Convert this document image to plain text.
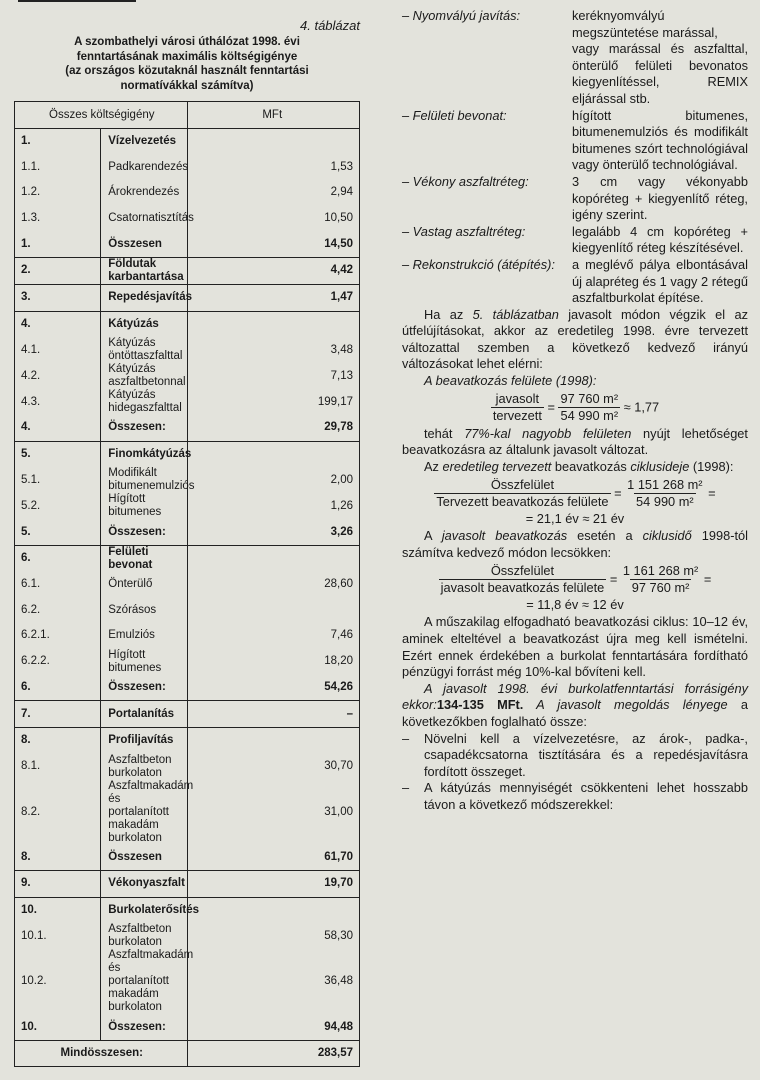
4. táblázat
A szombathelyi városi úthálózat 1998. évi
fenntartásának maximális költségigénye
(az országos közutaknál használt fenntartási
normatívákkal számítva)
Összes költségigény		MFt
1.	Vízelvezetés	
1.1.	Padkarendezés	1,53
1.2.	Árokrendezés	2,94
1.3.	Csatornatisztítás	10,50
1.	Összesen	14,50
2.	Földutak karbantartása	4,42
3.	Repedésjavítás	1,47
4.	Kátyúzás	
4.1.	Kátyúzás öntöttaszfalttal	3,48
4.2.	Kátyúzás aszfaltbetonnal	7,13
4.3.	Kátyúzás hidegaszfalttal	199,17
4.	Összesen:	29,78
5.	Finomkátyúzás	
5.1.	Modifikált bitumenemulziós	2,00
5.2.	Hígított bitumenes	1,26
5.	Összesen:	3,26
6.	Felületi bevonat	
6.1.	Önterülő	28,60
6.2.	Szórásos	
6.2.1.	Emulziós	7,46
6.2.2.	Hígított bitumenes	18,20
6.	Összesen:	54,26
7.	Portalanítás	–
8.	Profiljavítás	
8.1.	Aszfaltbeton burkolaton	30,70
8.2.	Aszfaltmakadám és portalanított makadám burkolaton	31,00
8.	Összesen	61,70
9.	Vékonyaszfalt	19,70
10.	Burkolaterősítés	
10.1.	Aszfaltbeton burkolaton	58,30
10.2.	Aszfaltmakadám és portalanított makadám burkolaton	36,48
10.	Összesen:	94,48
Mindösszesen:		283,57
– Nyomvályú javítás:	keréknyomvályú megszüntetése marással,
vagy marással és aszfalttal, önterülő felületi bevonatos kiegyenlítéssel, REMIX eljárással stb.
– Felületi bevonat:	hígított bitumenes, bitumenemulziós és modifikált bitumenes szórt technológiával vagy önterülő technológiával.
– Vékony aszfaltréteg:	3 cm vagy vékonyabb kopóréteg + kiegyenlítő réteg, igény szerint.
– Vastag aszfaltréteg:	legalább 4 cm kopóréteg + kiegyenlítő réteg készítésével.
– Rekonstrukció (átépítés):	a meglévő pálya elbontásával új alapréteg és 1 vagy 2 rétegű aszfaltburkolat építése.

Ha az 5. táblázatban javasolt módon végzik el az útfelújításokat, akkor az eredetileg 1998. évre tervezett változattal szemben a következő kedvező irányú változásokat lehet elérni:

A beavatkozás felülete (1998):

javasolt
tervezett
= $\frac{\text{97 760 m²}}{\text{54 990 m²}} \approx 1,77$

tehát 77%-kal nagyobb felületen nyújt lehetőséget beavatkozásra az általunk javasolt változat.

Az eredetileg tervezett beavatkozás ciklusideje (1998):

Összfelület
Tervezett beavatkozás felülete
= $\frac{\text{1 151 268 m²}}{\text{54 990 m²}}$ =
= 21,1 év ≈ 21 év

A javasolt beavatkozás esetén a ciklusidő 1998-tól számítva kedvező módon lecsökken:

Összfelület
javasolt beavatkozás felülete
= $\frac{\text{1 161 268 m²}}{\text{97 760 m²}}$ =
= 11,8 év ≈ 12 év

A műszakilag elfogadható beavatkozási ciklus: 10–12 év, aminek elteltével a beavatkozást újra meg kell ismételni. Ezért ennek érdekében a burkolat fenntartására fordítható pénzügyi forrást még 10%-kal bővíteni kell.

A javasolt 1998. évi burkolatfenntartási forrásigény ekkor:134-135 MFt. A javasolt megoldás lényege a következőkben foglalható össze:

–	Növelni kell a vízelvezetésre, az árok-, padka-, csapadékcsatorna tisztítására és a repedésjavításra fordított összeget.
–	A kátyúzás mennyiségét csökkenteni lehet hosszabb távon a következő módszerekkel:
